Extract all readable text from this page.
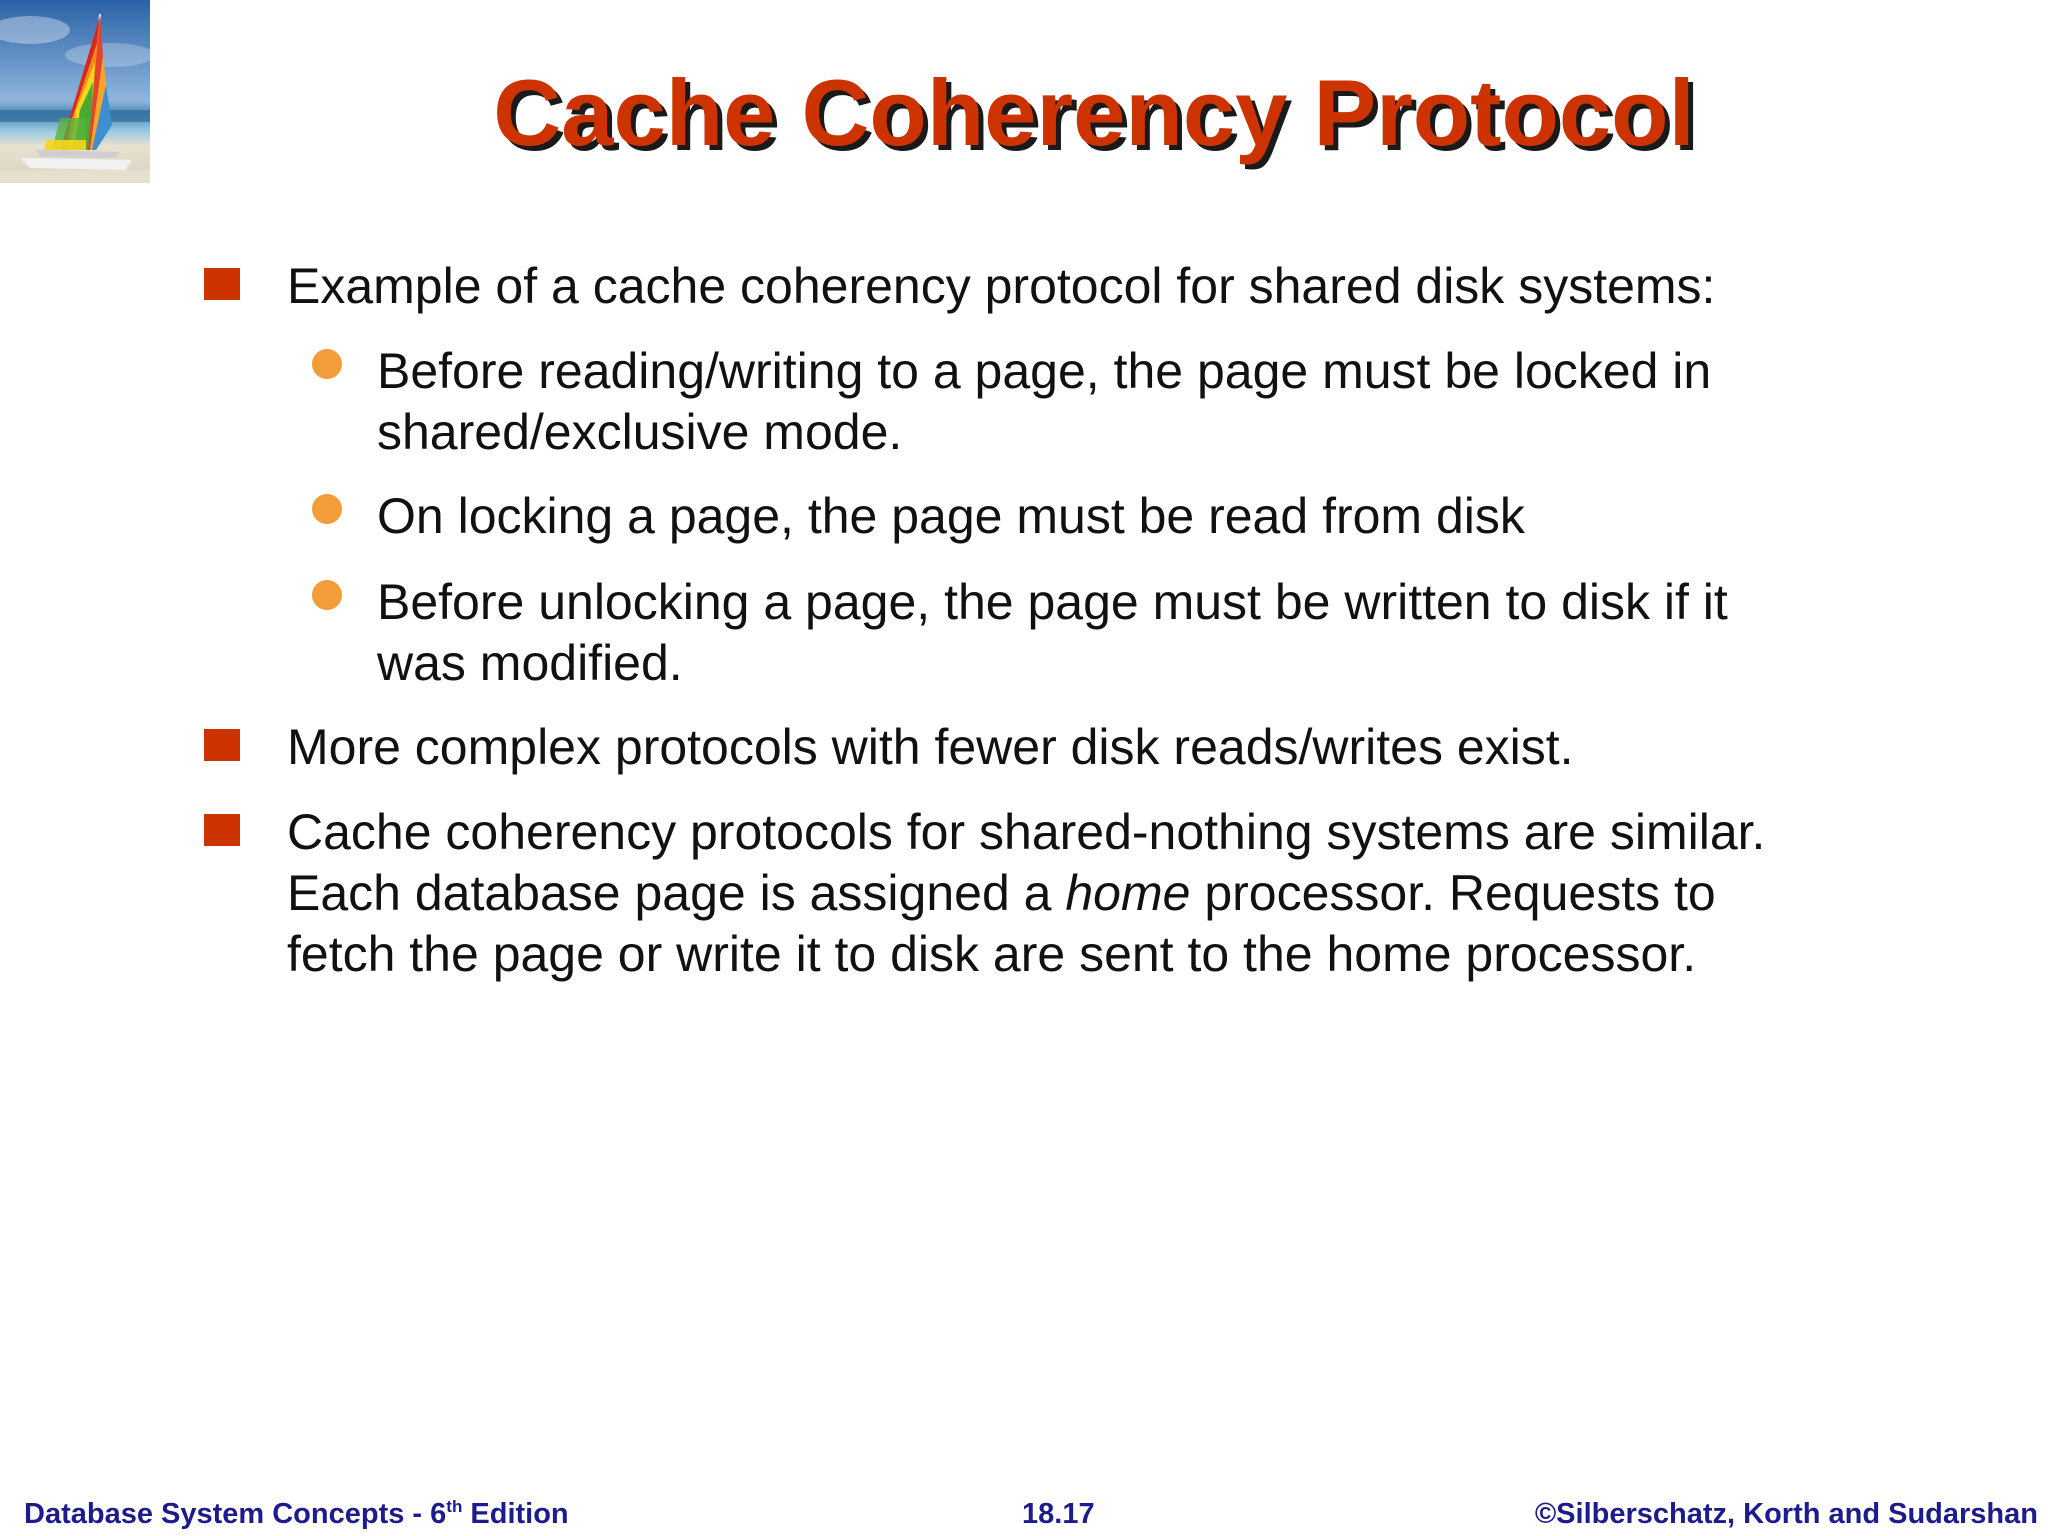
Cache Coherency Protocol
Example of a cache coherency protocol for shared disk systems:
Before reading/writing to a page, the page must be locked in
shared/exclusive mode.
On locking a page, the page must be read from disk
Before unlocking a page, the page must be written to disk if it
was modified.
More complex protocols with fewer disk reads/writes exist.
Cache coherency protocols for shared-nothing systems are similar.
Each database page is assigned a home processor. Requests to
fetch the page or write it to disk are sent to the home processor.
Database System Concepts - 6th Edition	18.17	©Silberschatz, Korth and Sudarshan
